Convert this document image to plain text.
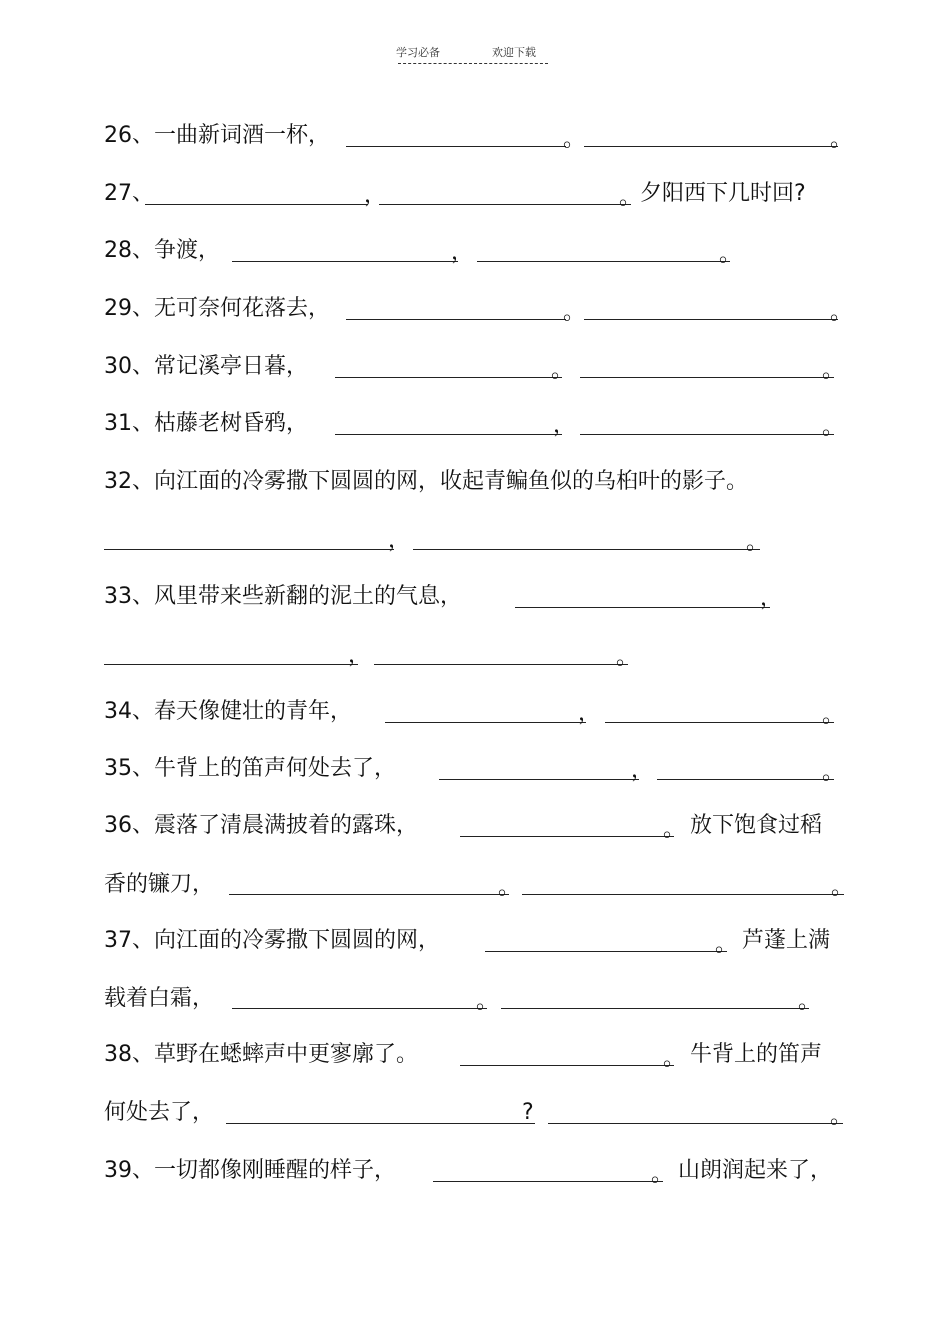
学习必备	欢迎下载
26、一曲新词酒一杯，	。	。
27、	，	。
夕阳西下几时回?
28、争渡，	，	。
29、无可奈何花落去，	。	。
30、常记溪亭日暮，	。	。
31、枯藤老树昏鸦，	，	。
32、向江面的冷雾撒下圆圆的网，收起青鳊鱼似的乌桕叶的影子。
，	。
33、风里带来些新翻的泥土的气息，	，
，	。
34、春天像健壮的青年，	，	。
35、牛背上的笛声何处去了，	，	。
36、震落了清晨满披着的露珠，	。 放下饱食过稻
香的镰刀，	。	。
37、向江面的冷雾撒下圆圆的网，	。 芦蓬上满
载着白霜，	。	。
38、草野在蟋蟀声中更寥廓了。	。 牛背上的笛声
何处去了，	?	。
39、一切都像刚睡醒的样子，	。 山朗润起来了，
